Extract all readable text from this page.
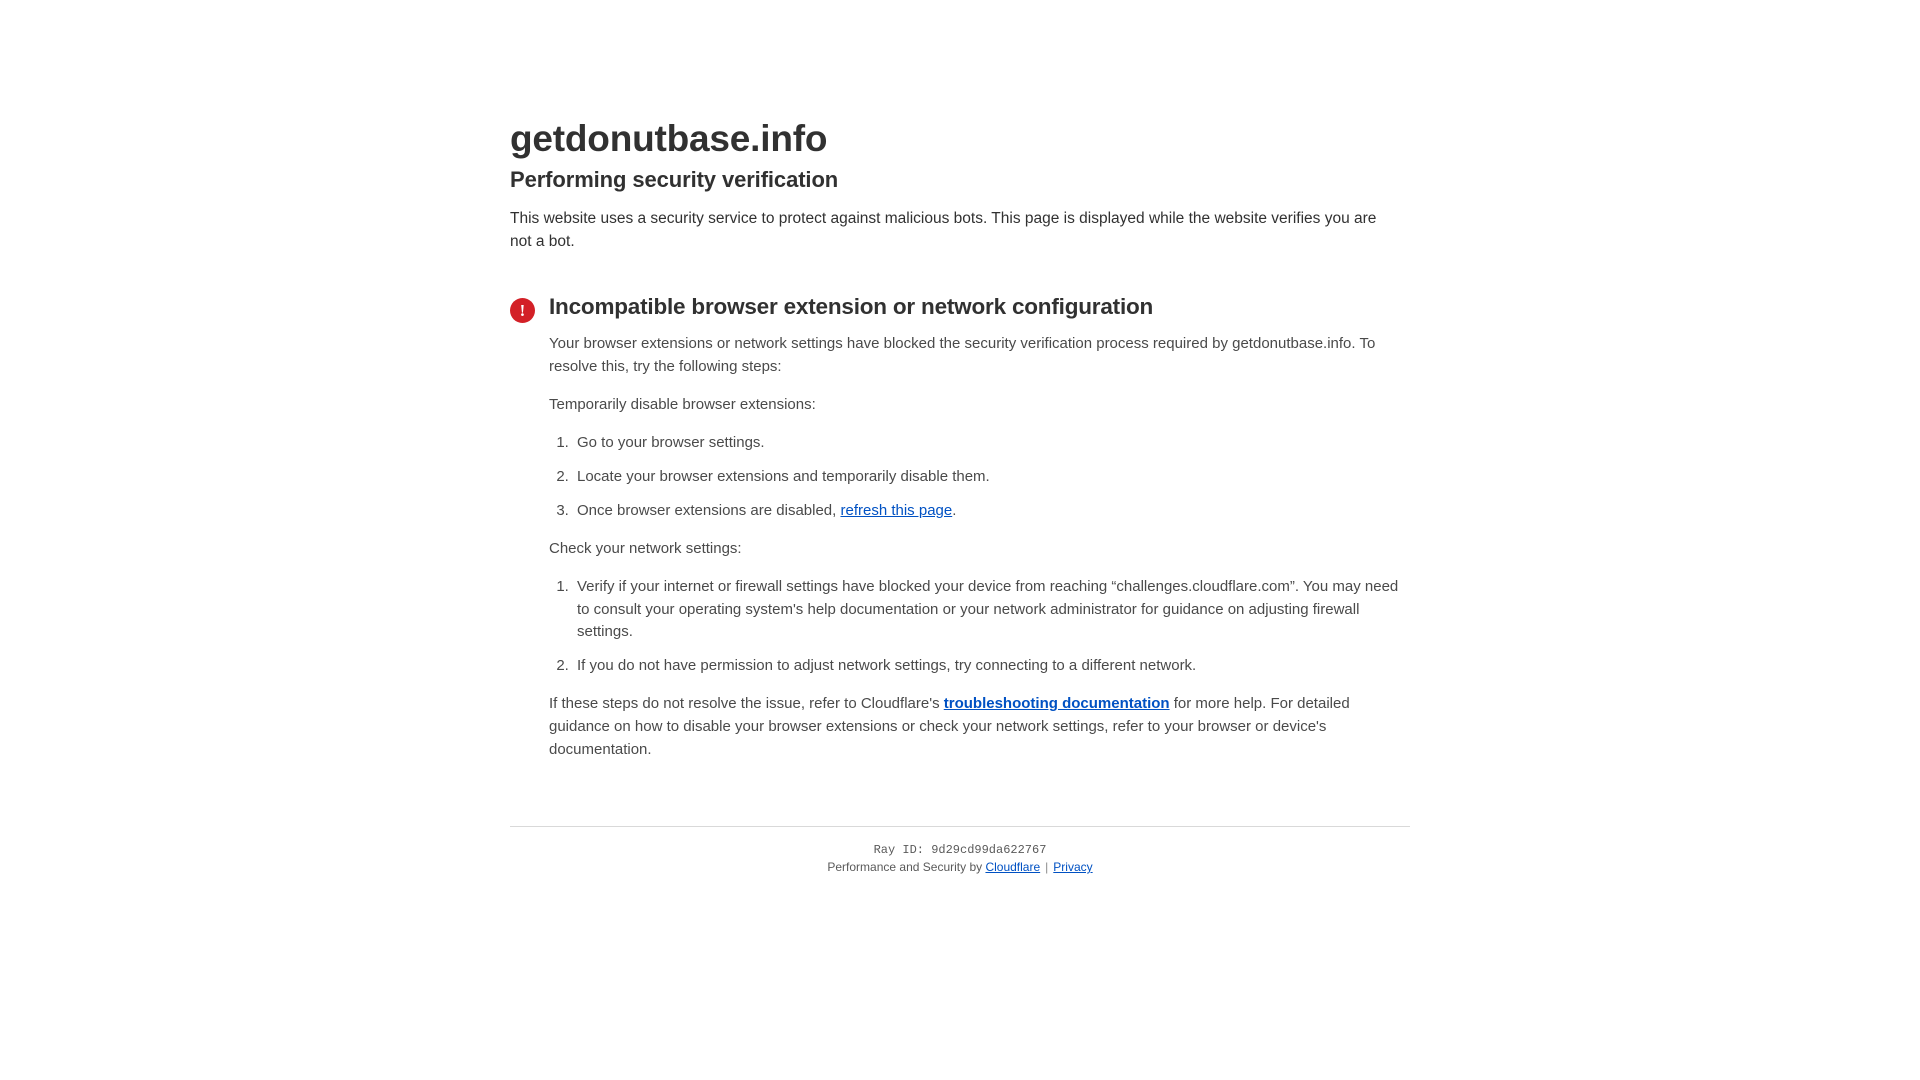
getdonutbase.info
Performing security verification

This website uses a security service to protect against malicious bots. This page is displayed while the website verifies you are not a bot.

!	Incompatible browser extension or network configuration

Your browser extensions or network settings have blocked the security verification process required by getdonutbase.info. To resolve this, try the following steps:

Temporarily disable browser extensions:

1. Go to your browser settings.
2. Locate your browser extensions and temporarily disable them.
3. Once browser extensions are disabled, refresh this page.

Check your network settings:

1. Verify if your internet or firewall settings have blocked your device from reaching “challenges.cloudflare.com”. You may need to consult your operating system's help documentation or your network administrator for guidance on adjusting firewall settings.
2. If you do not have permission to adjust network settings, try connecting to a different network.

If these steps do not resolve the issue, refer to Cloudflare's troubleshooting documentation for more help. For detailed guidance on how to disable your browser extensions or check your network settings, refer to your browser or device's documentation.

Ray ID: 9d29cd99da622767
Performance and Security by Cloudflare | Privacy
